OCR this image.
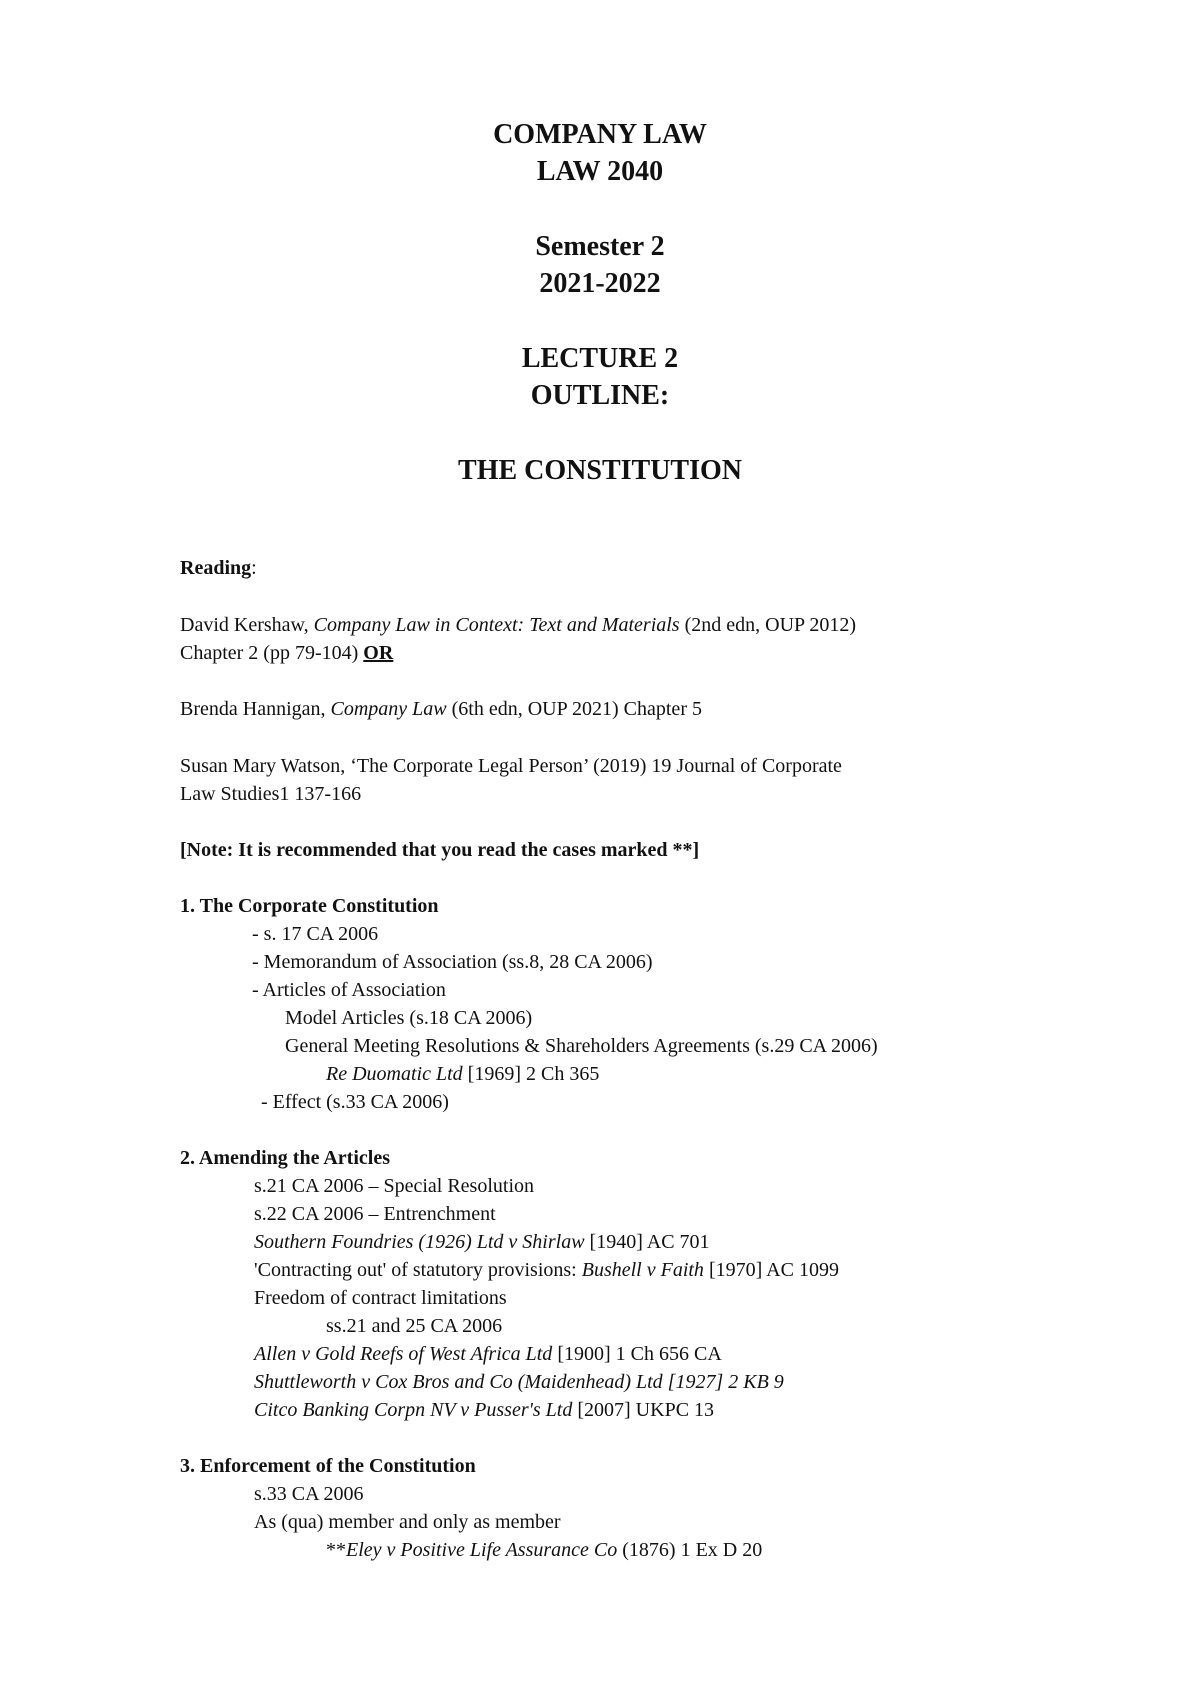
COMPANY LAW
LAW 2040
Semester 2
2021-2022
LECTURE 2
OUTLINE:
THE CONSTITUTION
Reading:
David Kershaw, Company Law in Context: Text and Materials (2nd edn, OUP 2012)
Chapter 2 (pp 79-104) OR
Brenda Hannigan, Company Law (6th edn, OUP 2021) Chapter 5
Susan Mary Watson, ‘The Corporate Legal Person’ (2019) 19 Journal of Corporate
Law Studies1 137-166
[Note: It is recommended that you read the cases marked **]
1. The Corporate Constitution
- s. 17 CA 2006
- Memorandum of Association (ss.8, 28 CA 2006)
- Articles of Association
Model Articles (s.18 CA 2006)
General Meeting Resolutions & Shareholders Agreements (s.29 CA 2006)
Re Duomatic Ltd [1969] 2 Ch 365
- Effect (s.33 CA 2006)
2. Amending the Articles
s.21 CA 2006 – Special Resolution
s.22 CA 2006 – Entrenchment
Southern Foundries (1926) Ltd v Shirlaw [1940] AC 701
'Contracting out' of statutory provisions: Bushell v Faith [1970] AC 1099
Freedom of contract limitations
ss.21 and 25 CA 2006
Allen v Gold Reefs of West Africa Ltd [1900] 1 Ch 656 CA
Shuttleworth v Cox Bros and Co (Maidenhead) Ltd [1927] 2 KB 9
Citco Banking Corpn NV v Pusser's Ltd [2007] UKPC 13
3. Enforcement of the Constitution
s.33 CA 2006
As (qua) member and only as member
**Eley v Positive Life Assurance Co (1876) 1 Ex D 20
